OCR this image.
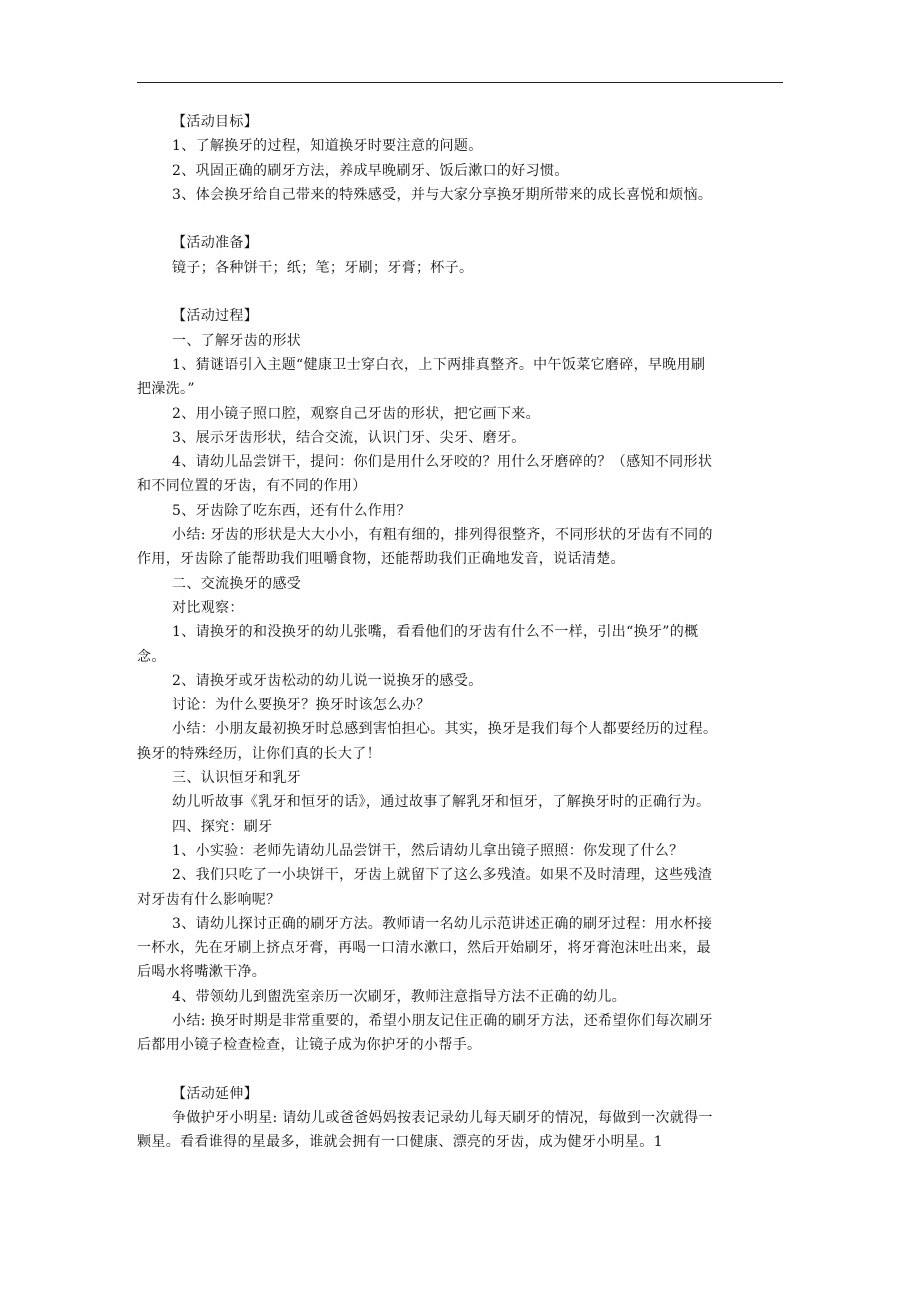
【活动目标】
1、了解换牙的过程，知道换牙时要注意的问题。
2、巩固正确的刷牙方法，养成早晚刷牙、饭后漱口的好习惯。
3、体会换牙给自己带来的特殊感受，并与大家分享换牙期所带来的成长喜悦和烦恼。
【活动准备】
镜子；各种饼干；纸；笔；牙刷；牙膏；杯子。
【活动过程】
一、了解牙齿的形状
1、猜谜语引入主题“健康卫士穿白衣，上下两排真整齐。中午饭菜它磨碎，早晚用刷
把澡洗。”
2、用小镜子照口腔，观察自己牙齿的形状，把它画下来。
3、展示牙齿形状，结合交流，认识门牙、尖牙、磨牙。
4、请幼儿品尝饼干，提问：你们是用什么牙咬的？用什么牙磨碎的？（感知不同形状
和不同位置的牙齿，有不同的作用）
5、牙齿除了吃东西，还有什么作用？
小结: 牙齿的形状是大大小小，有粗有细的，排列得很整齐，不同形状的牙齿有不同的
作用，牙齿除了能帮助我们咀嚼食物，还能帮助我们正确地发音，说话清楚。
二、交流换牙的感受
对比观察：
1、请换牙的和没换牙的幼儿张嘴，看看他们的牙齿有什么不一样，引出“换牙”的概
念。
2、请换牙或牙齿松动的幼儿说一说换牙的感受。
讨论：为什么要换牙？换牙时该怎么办？
小结：小朋友最初换牙时总感到害怕担心。其实，换牙是我们每个人都要经历的过程。
换牙的特殊经历，让你们真的长大了！
三、认识恒牙和乳牙
幼儿听故事《乳牙和恒牙的话》，通过故事了解乳牙和恒牙，了解换牙时的正确行为。
四、探究：刷牙
1、小实验：老师先请幼儿品尝饼干，然后请幼儿拿出镜子照照：你发现了什么？
2、我们只吃了一小块饼干，牙齿上就留下了这么多残渣。如果不及时清理，这些残渣
对牙齿有什么影响呢？
3、请幼儿探讨正确的刷牙方法。教师请一名幼儿示范讲述正确的刷牙过程：用水杯接
一杯水，先在牙刷上挤点牙膏，再喝一口清水漱口，然后开始刷牙，将牙膏泡沫吐出来，最
后喝水将嘴漱干净。
4、带领幼儿到盥洗室亲历一次刷牙，教师注意指导方法不正确的幼儿。
小结: 换牙时期是非常重要的，希望小朋友记住正确的刷牙方法，还希望你们每次刷牙
后都用小镜子检查检查，让镜子成为你护牙的小帮手。
【活动延伸】
争做护牙小明星: 请幼儿或爸爸妈妈按表记录幼儿每天刷牙的情况，每做到一次就得一
颗星。看看谁得的星最多，谁就会拥有一口健康、漂亮的牙齿，成为健牙小明星。1
